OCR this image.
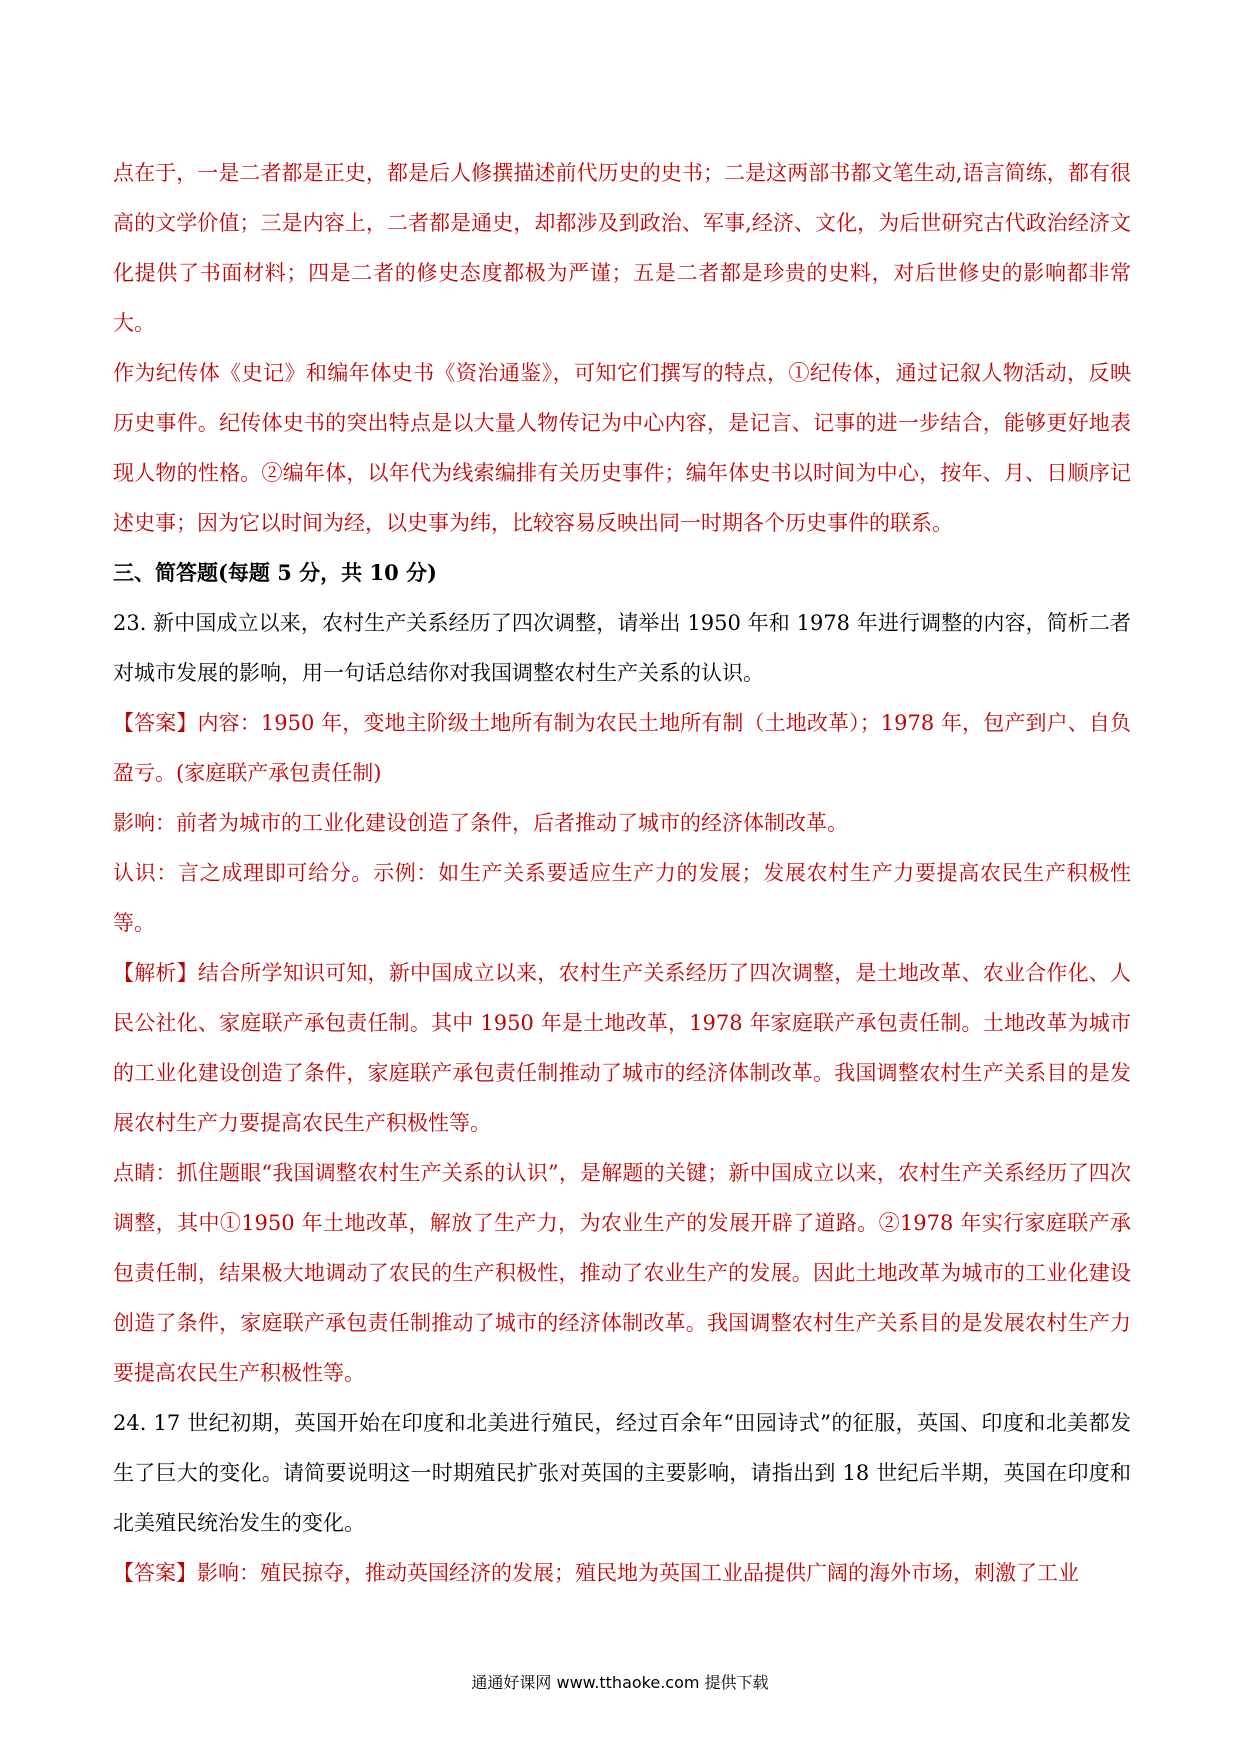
点在于，一是二者都是正史，都是后人修撰描述前代历史的史书；二是这两部书都文笔生动,语言简练，都有很高的文学价值；三是内容上，二者都是通史，却都涉及到政治、军事,经济、文化，为后世研究古代政治经济文化提供了书面材料；四是二者的修史态度都极为严谨；五是二者都是珍贵的史料，对后世修史的影响都非常大。

作为纪传体《史记》和编年体史书《资治通鉴》，可知它们撰写的特点，①纪传体，通过记叙人物活动，反映历史事件。纪传体史书的突出特点是以大量人物传记为中心内容，是记言、记事的进一步结合，能够更好地表现人物的性格。②编年体，以年代为线索编排有关历史事件；编年体史书以时间为中心，按年、月、日顺序记述史事；因为它以时间为经，以史事为纬，比较容易反映出同一时期各个历史事件的联系。

三、简答题(每题 5 分，共 10 分)

23. 新中国成立以来，农村生产关系经历了四次调整，请举出 1950 年和 1978 年进行调整的内容，简析二者对城市发展的影响，用一句话总结你对我国调整农村生产关系的认识。

【答案】内容：1950 年，变地主阶级土地所有制为农民土地所有制（土地改革）；1978 年，包产到户、自负盈亏。(家庭联产承包责任制)

影响：前者为城市的工业化建设创造了条件，后者推动了城市的经济体制改革。

认识：言之成理即可给分。示例：如生产关系要适应生产力的发展；发展农村生产力要提高农民生产积极性等。

【解析】结合所学知识可知，新中国成立以来，农村生产关系经历了四次调整，是土地改革、农业合作化、人民公社化、家庭联产承包责任制。其中 1950 年是土地改革，1978 年家庭联产承包责任制。土地改革为城市的工业化建设创造了条件，家庭联产承包责任制推动了城市的经济体制改革。我国调整农村生产关系目的是发展农村生产力要提高农民生产积极性等。

点睛：抓住题眼“我国调整农村生产关系的认识”，是解题的关键；新中国成立以来，农村生产关系经历了四次调整，其中①1950 年土地改革，解放了生产力，为农业生产的发展开辟了道路。②1978 年实行家庭联产承包责任制，结果极大地调动了农民的生产积极性，推动了农业生产的发展。因此土地改革为城市的工业化建设创造了条件，家庭联产承包责任制推动了城市的经济体制改革。我国调整农村生产关系目的是发展农村生产力要提高农民生产积极性等。

24. 17 世纪初期，英国开始在印度和北美进行殖民，经过百余年“田园诗式”的征服，英国、印度和北美都发生了巨大的变化。请简要说明这一时期殖民扩张对英国的主要影响，请指出到 18 世纪后半期，英国在印度和北美殖民统治发生的变化。

【答案】影响：殖民掠夺，推动英国经济的发展；殖民地为英国工业品提供广阔的海外市场，刺激了工业

通通好课网 www.tthaoke.com 提供下载
